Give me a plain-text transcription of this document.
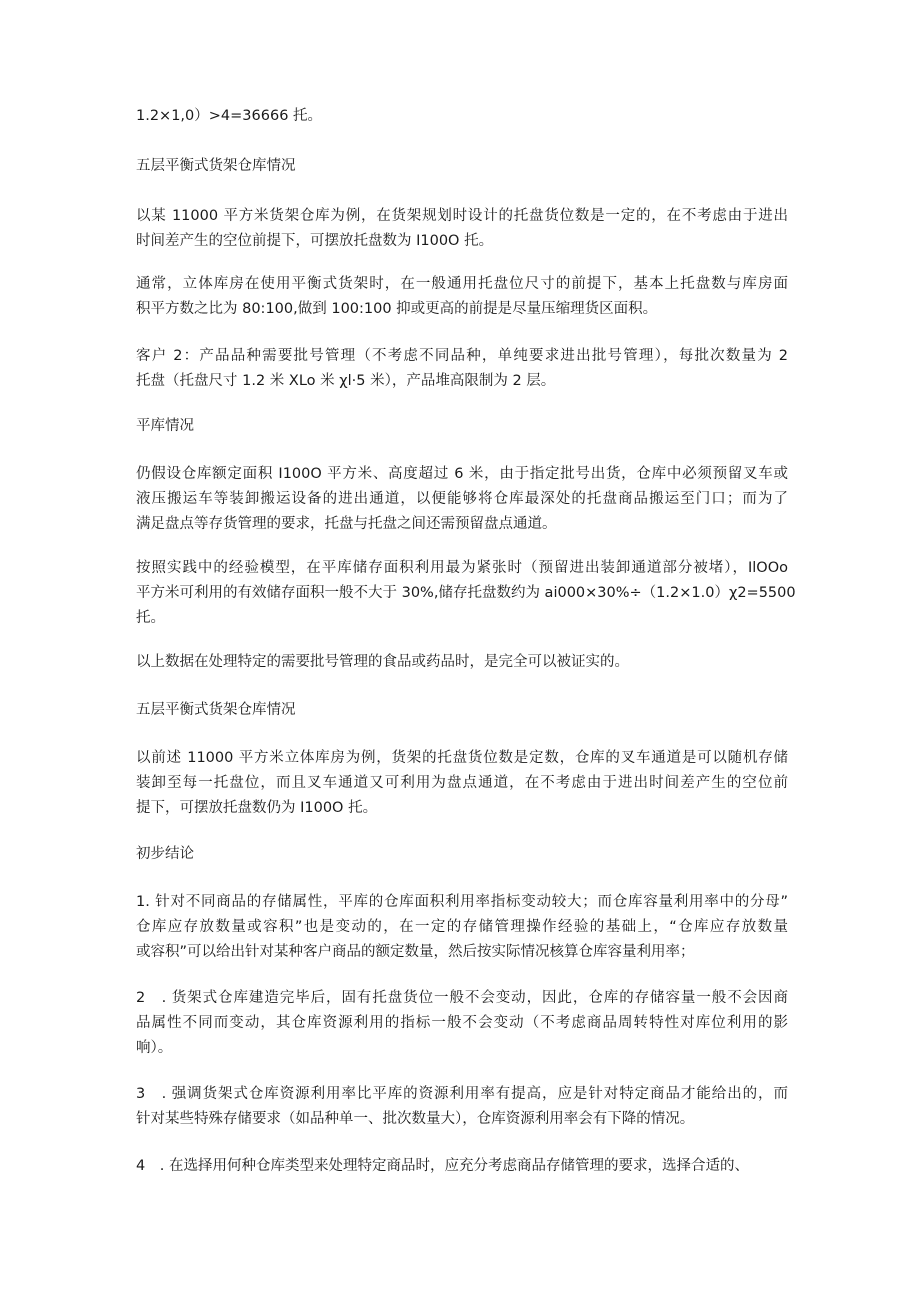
1.2×1,0）>4=36666 托。
五层平衡式货架仓库情况
以某 11000 平方米货架仓库为例，在货架规划时设计的托盘货位数是一定的，在不考虑由于进出
时间差产生的空位前提下，可摆放托盘数为 I100O 托。
通常，立体库房在使用平衡式货架时，在一般通用托盘位尺寸的前提下，基本上托盘数与库房面
积平方数之比为 80:100,做到 100:100 抑或更高的前提是尽量压缩理货区面积。
客户 2：产品品种需要批号管理（不考虑不同品种，单纯要求进出批号管理），每批次数量为 2
托盘（托盘尺寸 1.2 米 XLo 米 χl·5 米），产品堆高限制为 2 层。
平库情况
仍假设仓库额定面积 I100O 平方米、高度超过 6 米，由于指定批号出货，仓库中必须预留叉车或
液压搬运车等装卸搬运设备的进出通道，以便能够将仓库最深处的托盘商品搬运至门口；而为了
满足盘点等存货管理的要求，托盘与托盘之间还需预留盘点通道。
按照实践中的经验模型，在平库储存面积利用最为紧张时（预留进出装卸通道部分被堵），IlOOo
平方米可利用的有效储存面积一般不大于 30%,储存托盘数约为 ai000×30%÷（1.2×1.0）χ2=5500
托。
以上数据在处理特定的需要批号管理的食品或药品时，是完全可以被证实的。
五层平衡式货架仓库情况
以前述 11000 平方米立体库房为例，货架的托盘货位数是定数，仓库的叉车通道是可以随机存储
装卸至每一托盘位，而且叉车通道又可利用为盘点通道，在不考虑由于进出时间差产生的空位前
提下，可摆放托盘数仍为 I100O 托。
初步结论
1. 针对不同商品的存储属性，平库的仓库面积利用率指标变动较大；而仓库容量利用率中的分母”
仓库应存放数量或容积”也是变动的，在一定的存储管理操作经验的基础上，“仓库应存放数量
或容积”可以给出针对某种客户商品的额定数量，然后按实际情况核算仓库容量利用率；
2　. 货架式仓库建造完毕后，固有托盘货位一般不会变动，因此，仓库的存储容量一般不会因商
品属性不同而变动，其仓库资源利用的指标一般不会变动（不考虑商品周转特性对库位利用的影
响）。
3　. 强调货架式仓库资源利用率比平库的资源利用率有提高，应是针对特定商品才能给出的，而
针对某些特殊存储要求（如品种单一、批次数量大），仓库资源利用率会有下降的情况。
4　. 在选择用何种仓库类型来处理特定商品时，应充分考虑商品存储管理的要求，选择合适的、
